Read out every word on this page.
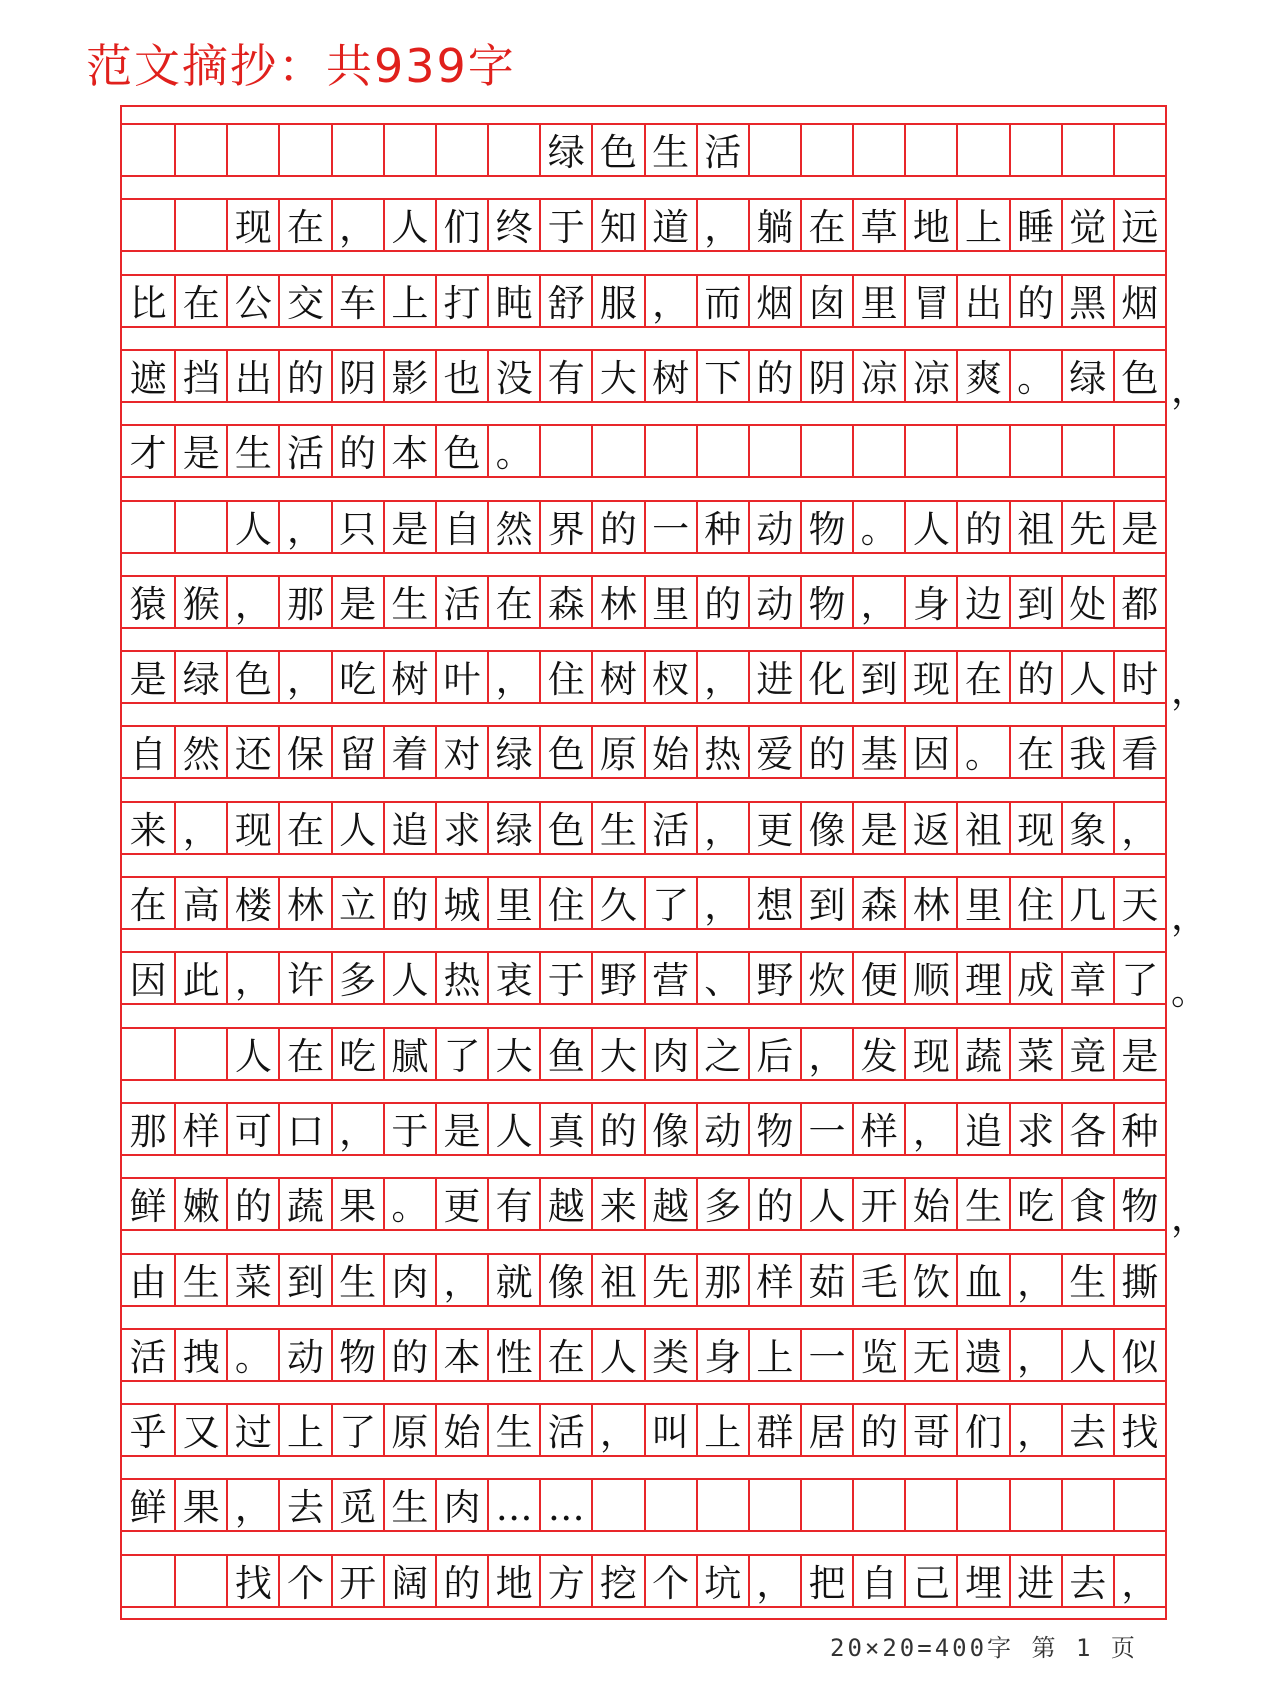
范文摘抄：共939字
绿 色 生 活
现 在 ， 人 们 终 于 知 道 ， 躺 在 草 地 上 睡 觉 远
比 在 公 交 车 上 打 盹 舒 服 ， 而 烟 囱 里 冒 出 的 黑 烟
遮 挡 出 的 阴 影 也 没 有 大 树 下 的 阴 凉 凉 爽 。 绿 色 ，
才 是 生 活 的 本 色 。
人 ， 只 是 自 然 界 的 一 种 动 物 。 人 的 祖 先 是
猿 猴 ， 那 是 生 活 在 森 林 里 的 动 物 ， 身 边 到 处 都
是 绿 色 ， 吃 树 叶 ， 住 树 杈 ， 进 化 到 现 在 的 人 时 ，
自 然 还 保 留 着 对 绿 色 原 始 热 爱 的 基 因 。 在 我 看
来 ， 现 在 人 追 求 绿 色 生 活 ， 更 像 是 返 祖 现 象 ，
在 高 楼 林 立 的 城 里 住 久 了 ， 想 到 森 林 里 住 几 天 ，
因 此 ， 许 多 人 热 衷 于 野 营 、 野 炊 便 顺 理 成 章 了 。
人 在 吃 腻 了 大 鱼 大 肉 之 后 ， 发 现 蔬 菜 竟 是
那 样 可 口 ， 于 是 人 真 的 像 动 物 一 样 ， 追 求 各 种
鲜 嫩 的 蔬 果 。 更 有 越 来 越 多 的 人 开 始 生 吃 食 物 ，
由 生 菜 到 生 肉 ， 就 像 祖 先 那 样 茹 毛 饮 血 ， 生 撕
活 拽 。 动 物 的 本 性 在 人 类 身 上 一 览 无 遗 ， 人 似
乎 又 过 上 了 原 始 生 活 ， 叫 上 群 居 的 哥 们 ， 去 找
鲜 果 ， 去 觅 生 肉 … …
找 个 开 阔 的 地 方 挖 个 坑 ， 把 自 己 埋 进 去 ，
20×20=400字 第 1 页
